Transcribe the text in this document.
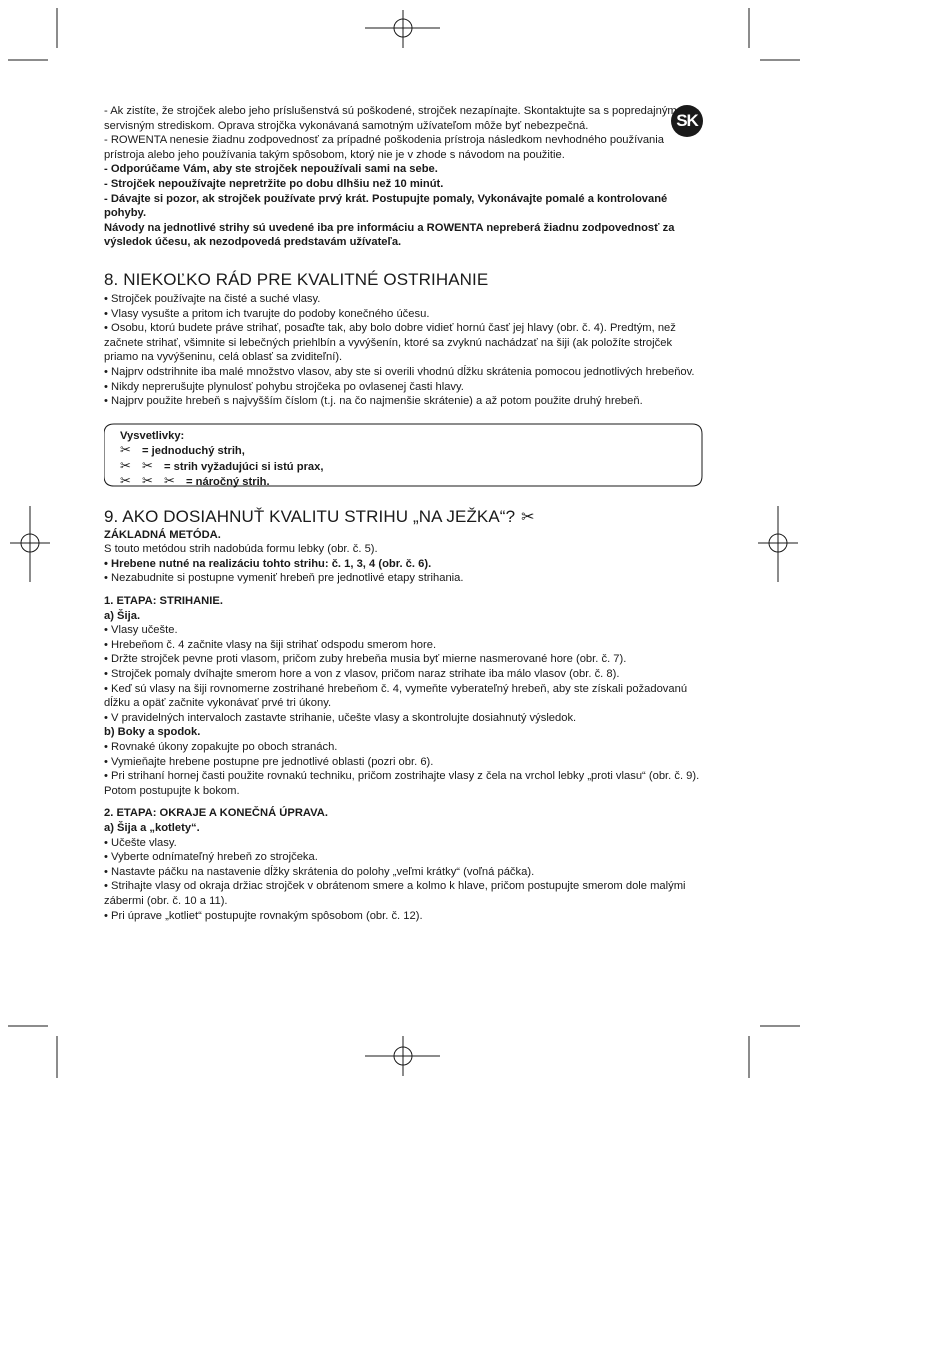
SK

- Ak zistíte, že strojček alebo jeho príslušenstvá sú poškodené, strojček nezapínajte. Skontaktujte sa s popredajným servisným strediskom. Oprava strojčka vykonávaná samotným užívateľom môže byť nebezpečná.

- ROWENTA nenesie žiadnu zodpovednosť za prípadné poškodenia prístroja následkom nevhodného používania prístroja alebo jeho používania takým spôsobom, ktorý nie je v zhode s návodom na použitie.

- Odporúčame Vám, aby ste strojček nepoužívali sami na sebe.

- Strojček nepoužívajte nepretržite po dobu dlhšiu než 10 minút.

- Dávajte si pozor, ak strojček používate prvý krát. Postupujte pomaly, Vykonávajte pomalé a kontrolované pohyby.

Návody na jednotlivé strihy sú uvedené iba pre informáciu a ROWENTA nepreberá žiadnu zodpovednosť za výsledok účesu, ak nezodpovedá predstavám užívateľa.

8. NIEKOĽKO RÁD PRE KVALITNÉ OSTRIHANIE

• Strojček používajte na čisté a suché vlasy.

• Vlasy vysušte a pritom ich tvarujte do podoby konečného účesu.

• Osobu, ktorú budete práve strihať, posaďte tak, aby bolo dobre vidieť hornú časť jej hlavy (obr. č. 4). Predtým, než začnete strihať, všimnite si lebečných priehlbín a vyvýšenín, ktoré sa zvyknú nachádzať na šiji (ak položíte strojček priamo na vyvýšeninu, celá oblasť sa zviditeľní).

• Najprv odstrihnite iba malé množstvo vlasov, aby ste si overili vhodnú dĺžku skrátenia pomocou jednotlivých hrebeňov.

• Nikdy neprerušujte plynulosť pohybu strojčeka po ovlasenej časti hlavy.

• Najprv použite hrebeň s najvyšším číslom (t.j. na čo najmenšie skrátenie) a až potom použite druhý hrebeň.

Vysvetlivky:
✂ = jednoduchý strih,
✂ ✂ = strih vyžadujúci si istú prax,
✂ ✂ ✂ = náročný strih.
9. AKO DOSIAHNUŤ KVALITU STRIHU „NA JEŽKA“? ✂

ZÁKLADNÁ METÓDA.

S touto metódou strih nadobúda formu lebky (obr. č. 5).

• Hrebene nutné na realizáciu tohto strihu: č. 1, 3, 4 (obr. č. 6).

• Nezabudnite si postupne vymeniť hrebeň pre jednotlivé etapy strihania.

1. ETAPA: STRIHANIE.

a) Šija.

• Vlasy učešte.

• Hrebeňom č. 4 začnite vlasy na šiji strihať odspodu smerom hore.

• Držte strojček pevne proti vlasom, pričom zuby hrebeňa musia byť mierne nasmerované hore (obr. č. 7).

• Strojček pomaly dvíhajte smerom hore a von z vlasov, pričom naraz strihate iba málo vlasov (obr. č. 8).

• Keď sú vlasy na šiji rovnomerne zostrihané hrebeňom č. 4, vymeňte vyberateľný hrebeň, aby ste získali požadovanú dĺžku a opäť začnite vykonávať prvé tri úkony.

• V pravidelných intervaloch zastavte strihanie, učešte vlasy a skontrolujte dosiahnutý výsledok.

b) Boky a spodok.

• Rovnaké úkony zopakujte po oboch stranách.

• Vymieňajte hrebene postupne pre jednotlivé oblasti (pozri obr. 6).

• Pri strihaní hornej časti použite rovnakú techniku, pričom zostrihajte vlasy z čela na vrchol lebky „proti vlasu“ (obr. č. 9). Potom postupujte k bokom.

2. ETAPA: OKRAJE A KONEČNÁ ÚPRAVA.

a) Šija a „kotlety“.

• Učešte vlasy.

• Vyberte odnímateľný hrebeň zo strojčeka.

• Nastavte páčku na nastavenie dĺžky skrátenia do polohy „veľmi krátky“ (voľná páčka).

• Strihajte vlasy od okraja držiac strojček v obrátenom smere a kolmo k hlave, pričom postupujte smerom dole malými zábermi (obr. č. 10 a 11).

• Pri úprave „kotliet“ postupujte rovnakým spôsobom (obr. č. 12).
